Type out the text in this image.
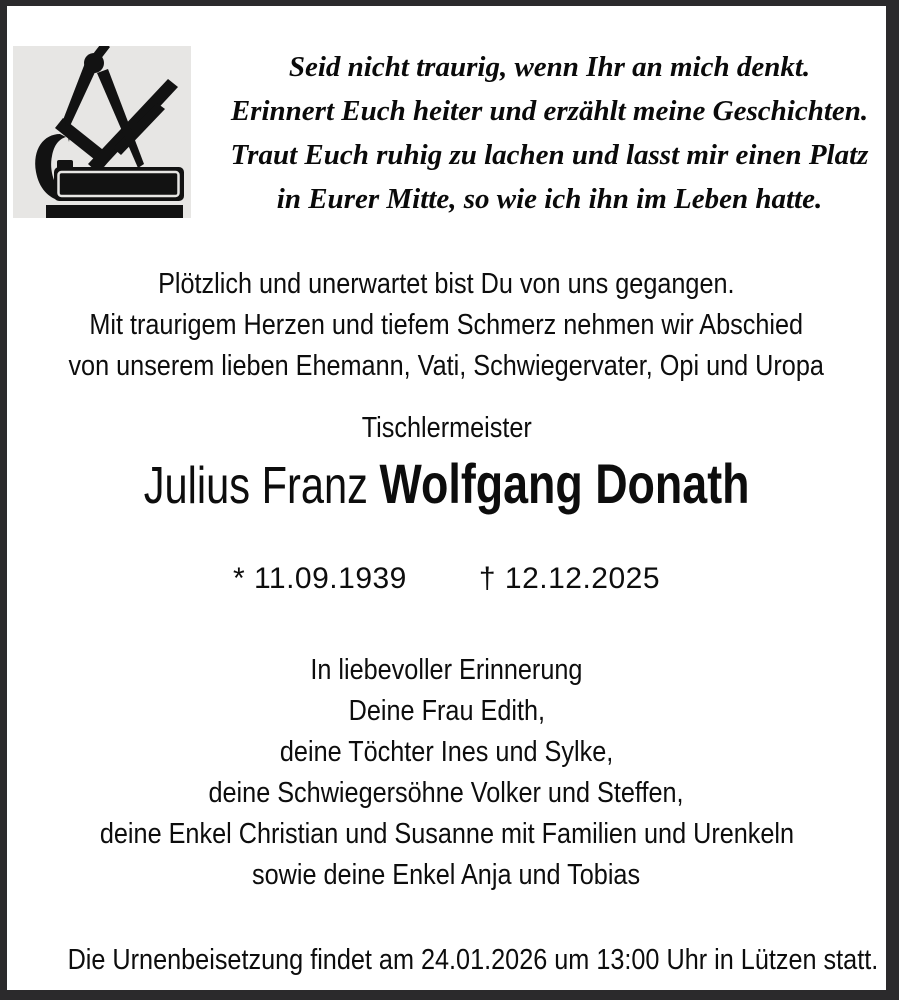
Seid nicht traurig, wenn Ihr an mich denkt.
Erinnert Euch heiter und erzählt meine Geschichten.
Traut Euch ruhig zu lachen und lasst mir einen Platz
in Eurer Mitte, so wie ich ihn im Leben hatte.
Plötzlich und unerwartet bist Du von uns gegangen.
Mit traurigem Herzen und tiefem Schmerz nehmen wir Abschied
von unserem lieben Ehemann, Vati, Schwiegervater, Opi und Uropa
Tischlermeister
Julius Franz Wolfgang Donath
* 11.09.1939 † 12.12.2025
In liebevoller Erinnerung
Deine Frau Edith,
deine Töchter Ines und Sylke,
deine Schwiegersöhne Volker und Steffen,
deine Enkel Christian und Susanne mit Familien und Urenkeln
sowie deine Enkel Anja und Tobias
Die Urnenbeisetzung findet am 24.01.2026 um 13:00 Uhr in Lützen statt.
